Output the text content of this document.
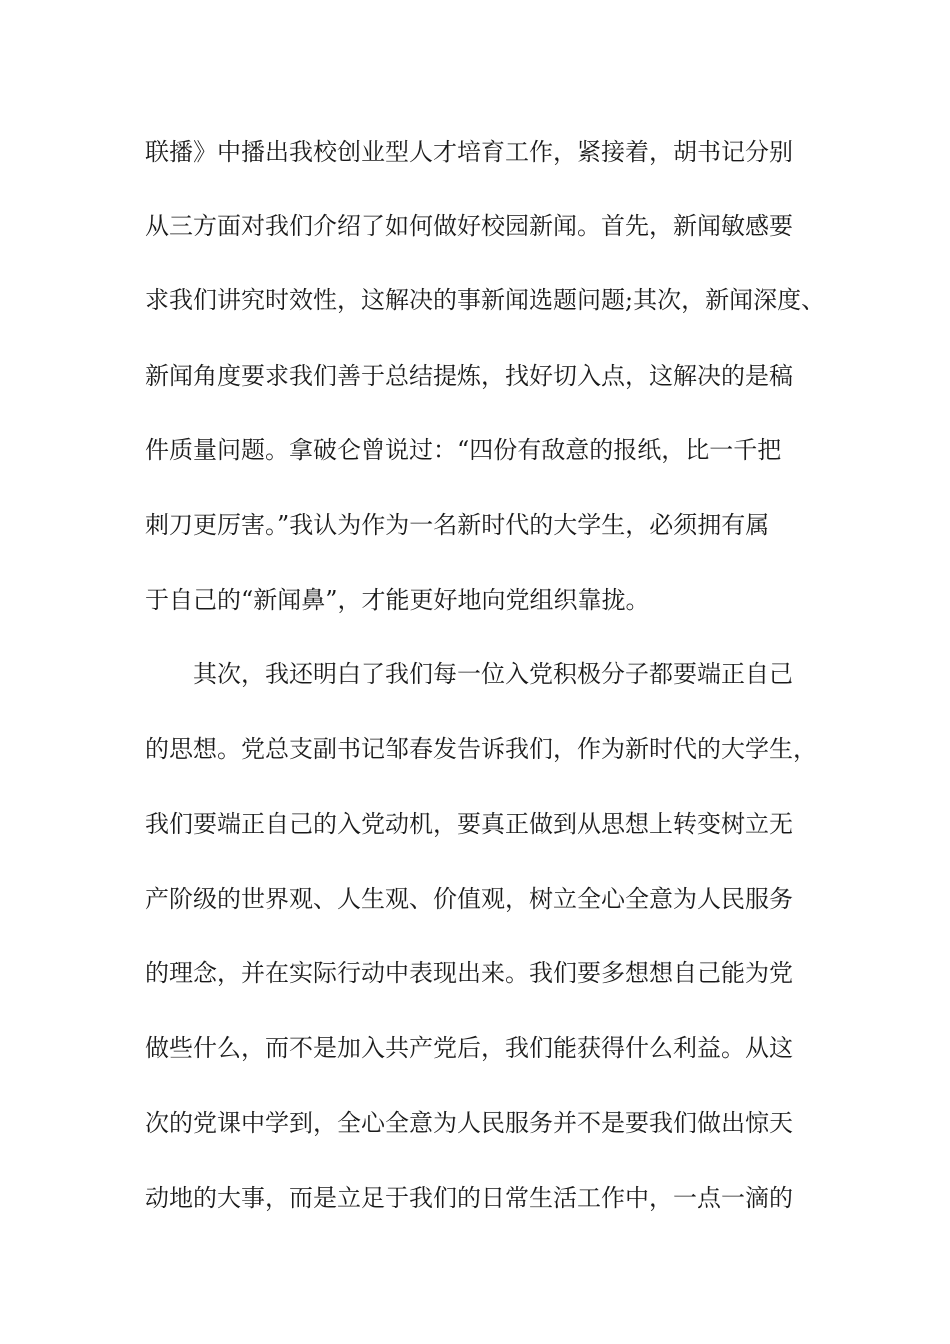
联播》中播出我校创业型人才培育工作，紧接着，胡书记分别

从三方面对我们介绍了如何做好校园新闻。首先，新闻敏感要

求我们讲究时效性，这解决的事新闻选题问题;其次，新闻深度、

新闻角度要求我们善于总结提炼，找好切入点，这解决的是稿

件质量问题。拿破仑曾说过：“四份有敌意的报纸，比一千把

刺刀更厉害。”我认为作为一名新时代的大学生，必须拥有属

于自己的“新闻鼻”，才能更好地向党组织靠拢。

其次，我还明白了我们每一位入党积极分子都要端正自己

的思想。党总支副书记邹春发告诉我们，作为新时代的大学生，

我们要端正自己的入党动机，要真正做到从思想上转变树立无

产阶级的世界观、人生观、价值观，树立全心全意为人民服务

的理念，并在实际行动中表现出来。我们要多想想自己能为党

做些什么，而不是加入共产党后，我们能获得什么利益。从这

次的党课中学到，全心全意为人民服务并不是要我们做出惊天

动地的大事，而是立足于我们的日常生活工作中，一点一滴的
